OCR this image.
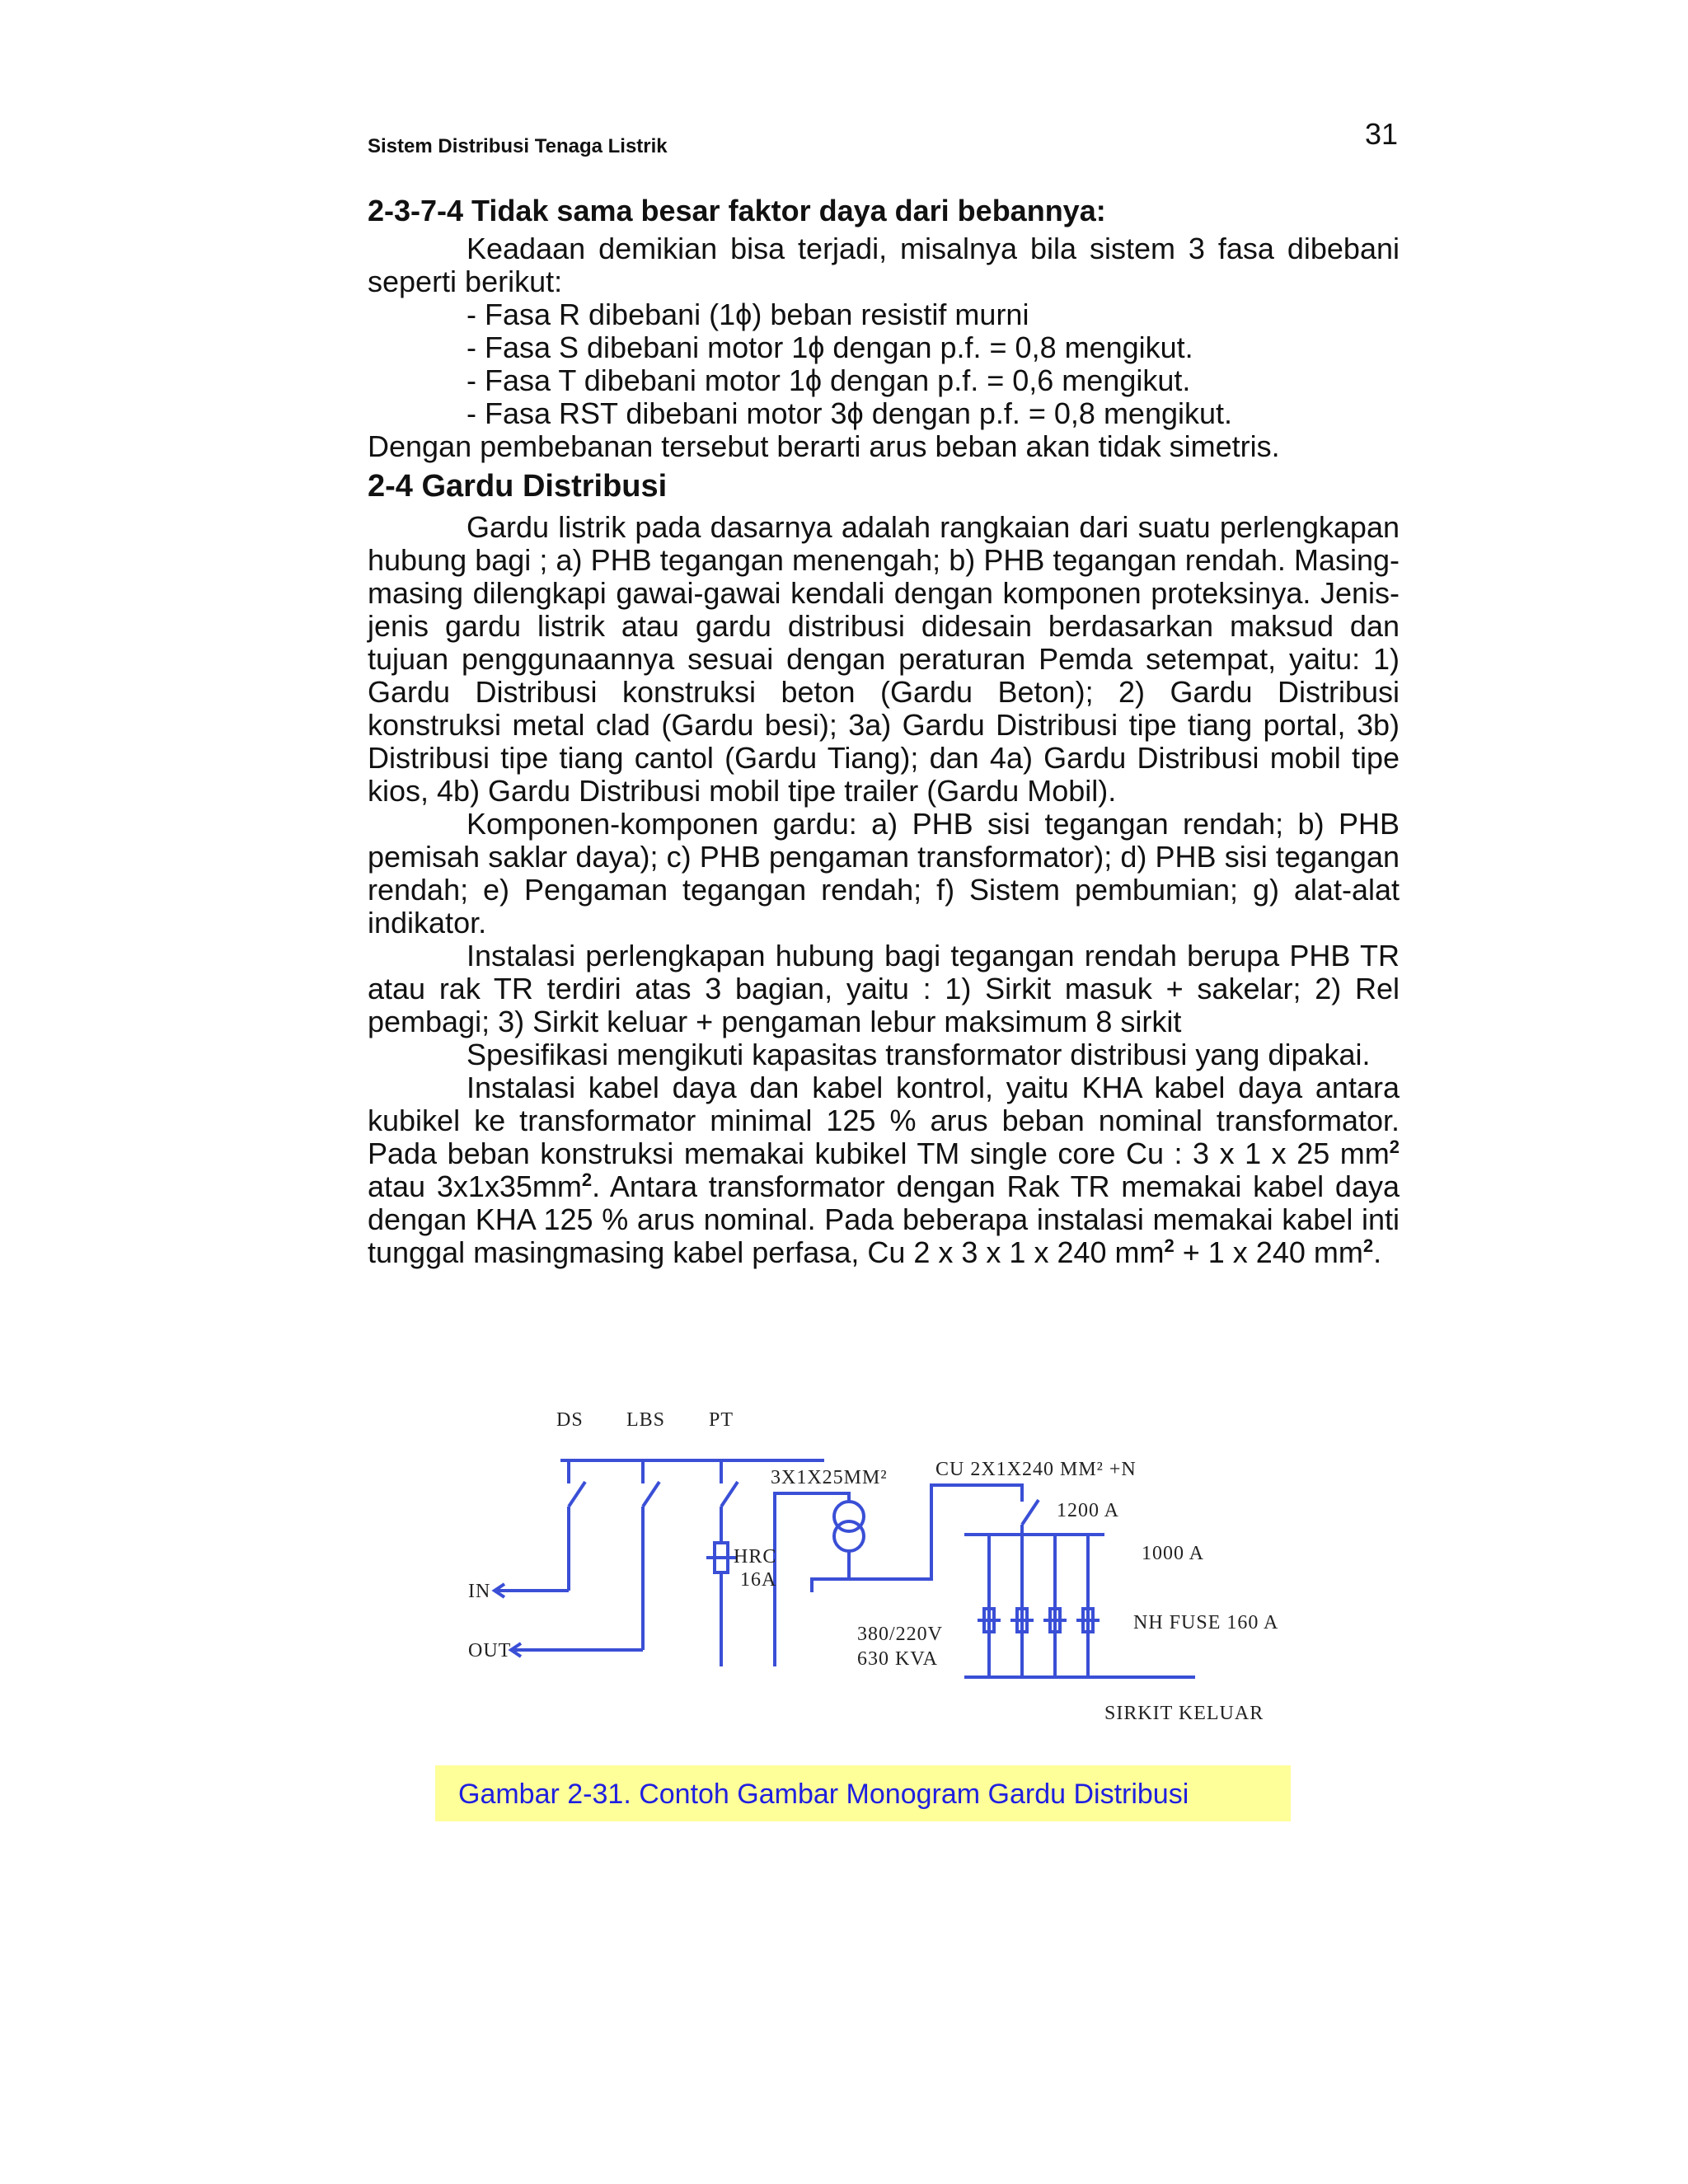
Sistem Distribusi Tenaga Listrik	31
2-3-7-4 Tidak sama besar faktor daya dari bebannya:

Keadaan demikian bisa terjadi, misalnya bila sistem 3 fasa dibebani seperti berikut:

- Fasa R dibebani (1ϕ) beban resistif murni
- Fasa S dibebani motor 1ϕ dengan p.f. = 0,8 mengikut.
- Fasa T dibebani motor 1ϕ dengan p.f. = 0,6 mengikut.
- Fasa RST dibebani motor 3ϕ dengan p.f. = 0,8 mengikut.

Dengan pembebanan tersebut berarti arus beban akan tidak simetris.

2-4 Gardu Distribusi

Gardu listrik pada dasarnya adalah rangkaian dari suatu perlengkapan hubung bagi ; a) PHB tegangan menengah; b) PHB tegangan rendah. Masing-masing dilengkapi gawai-gawai kendali dengan komponen proteksinya. Jenis-jenis gardu listrik atau gardu distribusi didesain berdasarkan maksud dan tujuan penggunaannya sesuai dengan peraturan Pemda setempat, yaitu: 1) Gardu Distribusi konstruksi beton (Gardu Beton); 2) Gardu Distribusi konstruksi metal clad (Gardu besi); 3a) Gardu Distribusi tipe tiang portal, 3b) Distribusi tipe tiang cantol (Gardu Tiang); dan 4a) Gardu Distribusi mobil tipe kios, 4b) Gardu Distribusi mobil tipe trailer (Gardu Mobil).

Komponen-komponen gardu: a) PHB sisi tegangan rendah; b) PHB pemisah saklar daya); c) PHB pengaman transformator); d) PHB sisi tegangan rendah; e) Pengaman tegangan rendah; f) Sistem pembumian; g) alat-alat indikator.

Instalasi perlengkapan hubung bagi tegangan rendah berupa PHB TR atau rak TR terdiri atas 3 bagian, yaitu : 1) Sirkit masuk + sakelar; 2) Rel pembagi; 3) Sirkit keluar + pengaman lebur maksimum 8 sirkit

Spesifikasi mengikuti kapasitas transformator distribusi yang dipakai.

Instalasi kabel daya dan kabel kontrol, yaitu KHA kabel daya antara kubikel ke transformator minimal 125 % arus beban nominal transformator. Pada beban konstruksi memakai kubikel TM single core Cu : 3 x 1 x 25 $mm^2$ atau $3x1x35mm^2$. Antara transformator dengan Rak TR memakai kabel daya dengan KHA 125 % arus nominal. Pada beberapa instalasi memakai kabel inti tunggal masingmasing kabel perfasa, Cu 2 x 3 x 1 x 240 $mm^2 + 1$ x 240 $mm^2$.

DS LBS PT
3X1X25MM² CU 2X1X240 MM² +N
1200 A
1000 A
HRC
16A
IN
OUT
380/220V
630 KVA
NH FUSE 160 A
SIRKIT KELUAR
Gambar 2-31. Contoh Gambar Monogram Gardu Distribusi
